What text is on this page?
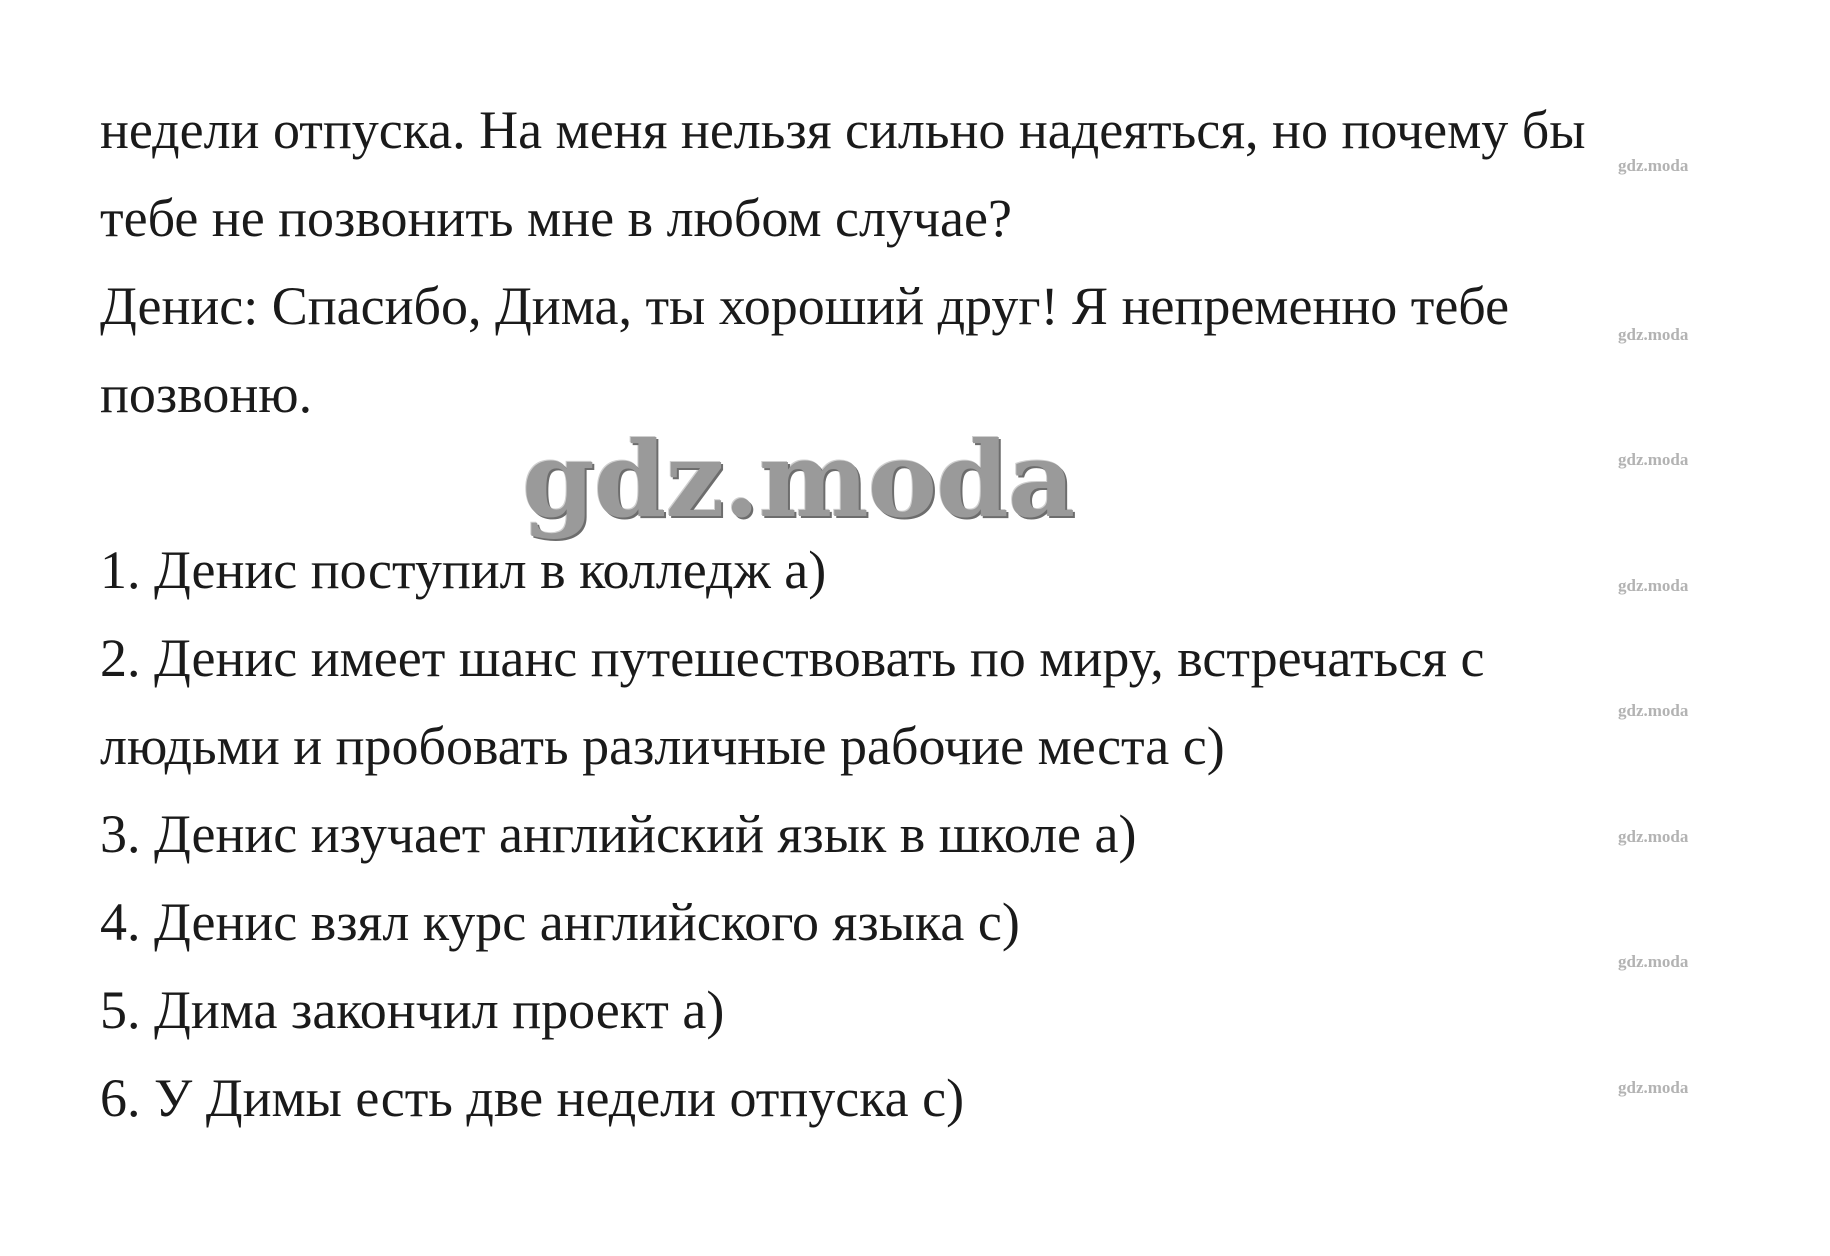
недели отпуска. На меня нельзя сильно надеяться, но почему бы
тебе не позвонить мне в любом случае?
Денис: Спасибо, Дима, ты хороший друг! Я непременно тебе
позвоню.
gdz.moda
1. Денис поступил в колледж a)
2. Денис имеет шанс путешествовать по миру, встречаться с
людьми и пробовать различные рабочие места c)
3. Денис изучает английский язык в школе a)
4. Денис взял курс английского языка c)
5. Дима закончил проект a)
6. У Димы есть две недели отпуска c)
gdz.moda
gdz.moda
gdz.moda
gdz.moda
gdz.moda
gdz.moda
gdz.moda
gdz.moda
